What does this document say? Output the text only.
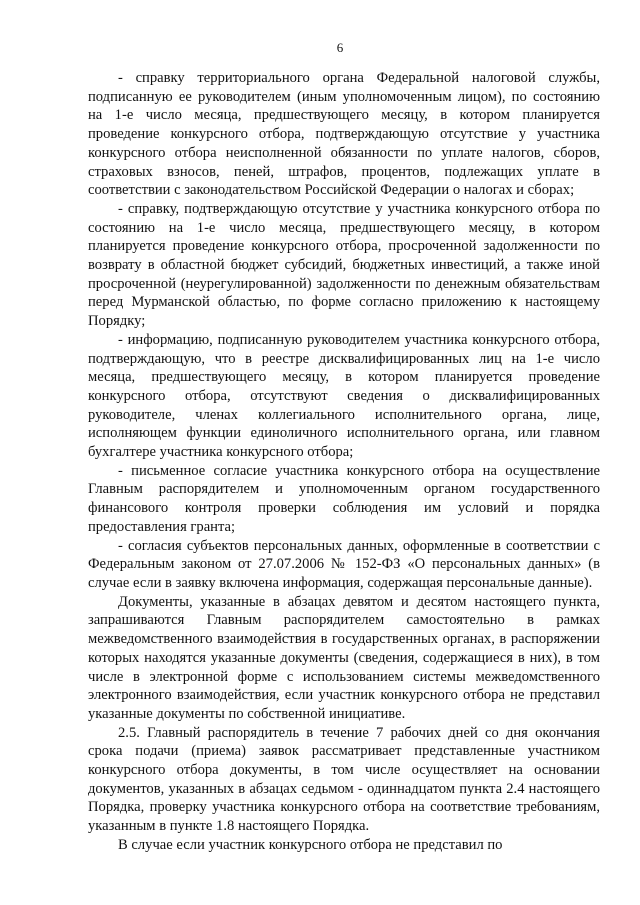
6

- справку территориального органа Федеральной налоговой службы, подписанную ее руководителем (иным уполномоченным лицом), по состоянию на 1-е число месяца, предшествующего месяцу, в котором планируется проведение конкурсного отбора, подтверждающую отсутствие у участника конкурсного отбора неисполненной обязанности по уплате налогов, сборов, страховых взносов, пеней, штрафов, процентов, подлежащих уплате в соответствии с законодательством Российской Федерации о налогах и сборах;

- справку, подтверждающую отсутствие у участника конкурсного отбора по состоянию на 1-е число месяца, предшествующего месяцу, в котором планируется проведение конкурсного отбора, просроченной задолженности по возврату в областной бюджет субсидий, бюджетных инвестиций, а также иной просроченной (неурегулированной) задолженности по денежным обязательствам перед Мурманской областью, по форме согласно приложению к настоящему Порядку;

- информацию, подписанную руководителем участника конкурсного отбора, подтверждающую, что в реестре дисквалифицированных лиц на 1-е число месяца, предшествующего месяцу, в котором планируется проведение конкурсного отбора, отсутствуют сведения о дисквалифицированных руководителе, членах коллегиального исполнительного органа, лице, исполняющем функции единоличного исполнительного органа, или главном бухгалтере участника конкурсного отбора;

- письменное согласие участника конкурсного отбора на осуществление Главным распорядителем и уполномоченным органом государственного финансового контроля проверки соблюдения им условий и порядка предоставления гранта;

- согласия субъектов персональных данных, оформленные в соответствии с Федеральным законом от 27.07.2006 № 152-ФЗ «О персональных данных» (в случае если в заявку включена информация, содержащая персональные данные).

Документы, указанные в абзацах девятом и десятом настоящего пункта, запрашиваются Главным распорядителем самостоятельно в рамках межведомственного взаимодействия в государственных органах, в распоряжении которых находятся указанные документы (сведения, содержащиеся в них), в том числе в электронной форме с использованием системы межведомственного электронного взаимодействия, если участник конкурсного отбора не представил указанные документы по собственной инициативе.

2.5. Главный распорядитель в течение 7 рабочих дней со дня окончания срока подачи (приема) заявок рассматривает представленные участником конкурсного отбора документы, в том числе осуществляет на основании документов, указанных в абзацах седьмом - одиннадцатом пункта 2.4 настоящего Порядка, проверку участника конкурсного отбора на соответствие требованиям, указанным в пункте 1.8 настоящего Порядка.

В случае если участник конкурсного отбора не представил по
